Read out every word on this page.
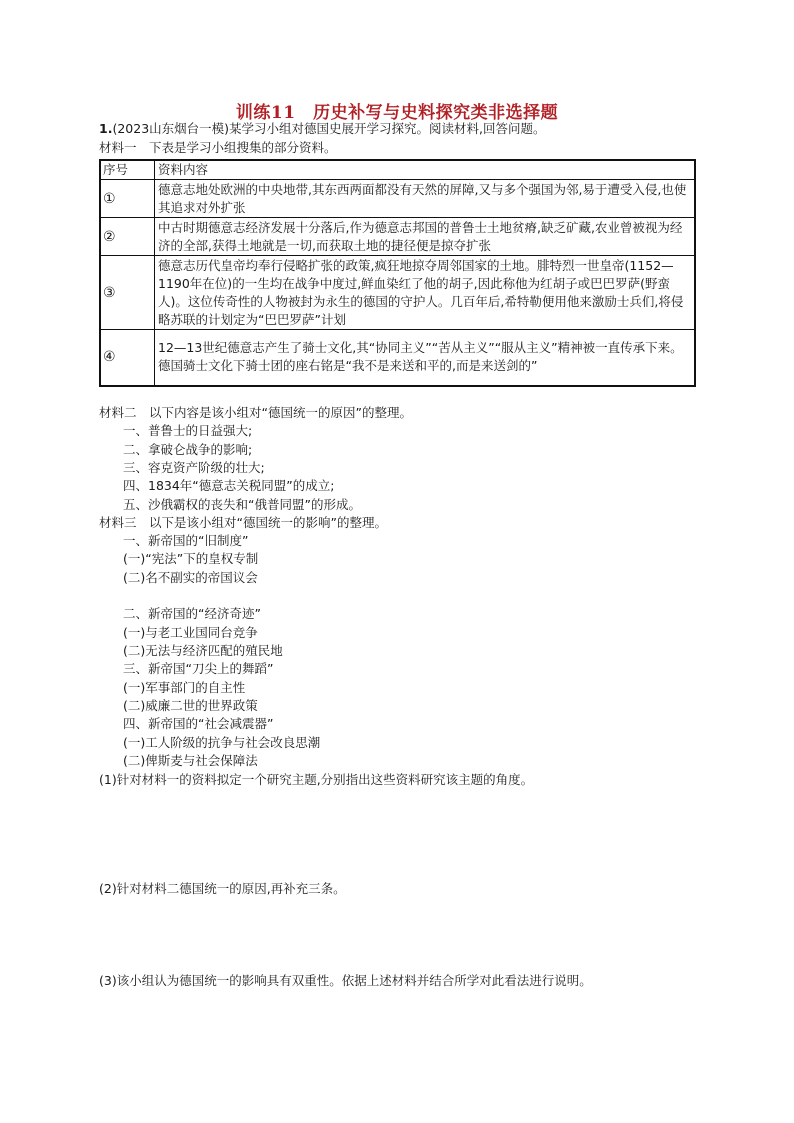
训练11　历史补写与史料探究类非选择题
1.(2023山东烟台一模)某学习小组对德国史展开学习探究。阅读材料,回答问题。
材料一　下表是学习小组搜集的部分资料。
序号	资料内容
①	德意志地处欧洲的中央地带,其东西两面都没有天然的屏障,又与多个强国为邻,易于遭受入侵,也使其追求对外扩张
②	中古时期德意志经济发展十分落后,作为德意志邦国的普鲁士土地贫瘠,缺乏矿藏,农业曾被视为经济的全部,获得土地就是一切,而获取土地的捷径便是掠夺扩张
③	德意志历代皇帝均奉行侵略扩张的政策,疯狂地掠夺周邻国家的土地。腓特烈一世皇帝(1152—1190年在位)的一生均在战争中度过,鲜血染红了他的胡子,因此称他为红胡子或巴巴罗萨(野蛮人)。这位传奇性的人物被封为永生的德国的守护人。几百年后,希特勒便用他来激励士兵们,将侵略苏联的计划定为“巴巴罗萨”计划
④	12—13世纪德意志产生了骑士文化,其“协同主义”“苦从主义”“服从主义”精神被一直传承下来。德国骑士文化下骑士团的座右铭是“我不是来送和平的,而是来送剑的”
材料二　以下内容是该小组对“德国统一的原因”的整理。
一、普鲁士的日益强大;
二、拿破仑战争的影响;
三、容克资产阶级的壮大;
四、1834年“德意志关税同盟”的成立;
五、沙俄霸权的丧失和“俄普同盟”的形成。
材料三　以下是该小组对“德国统一的影响”的整理。
一、新帝国的“旧制度”
(一)“宪法”下的皇权专制
(二)名不副实的帝国议会
二、新帝国的“经济奇迹”
(一)与老工业国同台竞争
(二)无法与经济匹配的殖民地
三、新帝国“刀尖上的舞蹈”
(一)军事部门的自主性
(二)威廉二世的世界政策
四、新帝国的“社会减震器”
(一)工人阶级的抗争与社会改良思潮
(二)俾斯麦与社会保障法
(1)针对材料一的资料拟定一个研究主题,分别指出这些资料研究该主题的角度。
(2)针对材料二德国统一的原因,再补充三条。
(3)该小组认为德国统一的影响具有双重性。依据上述材料并结合所学对此看法进行说明。
